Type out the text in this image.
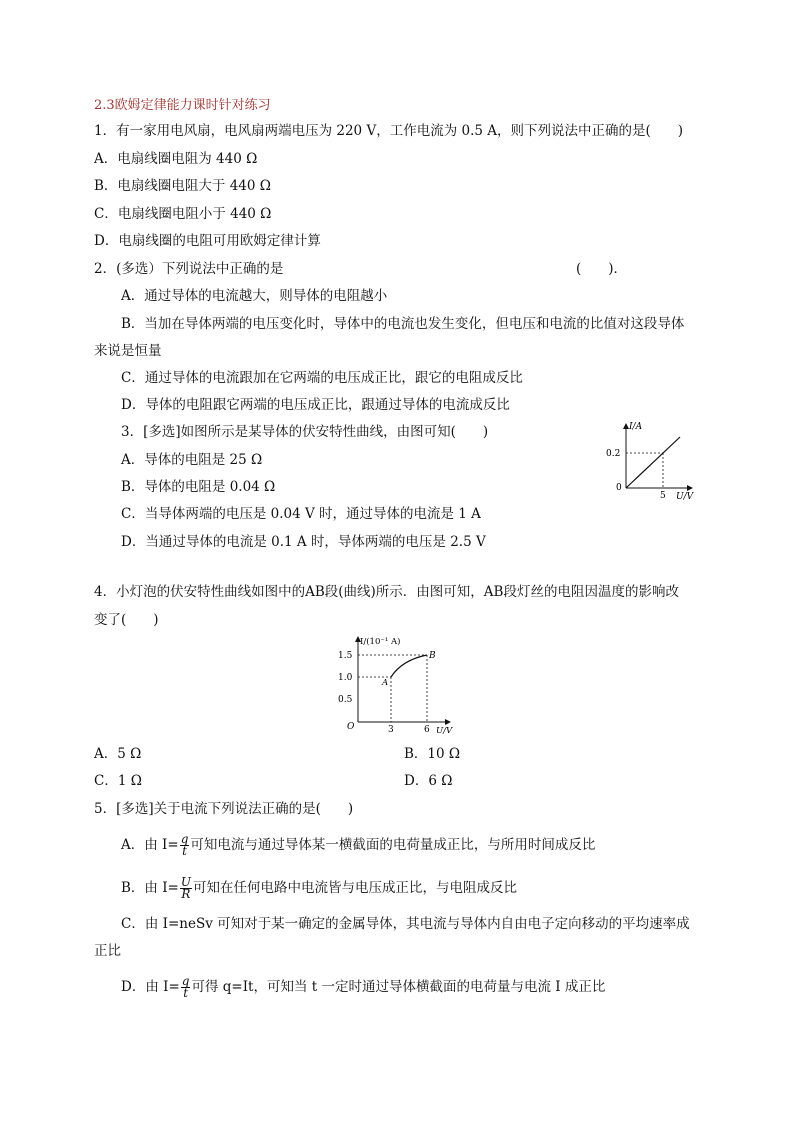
2.3欧姆定律能力课时针对练习
1．有一家用电风扇，电风扇两端电压为 220 V，工作电流为 0.5 A，则下列说法中正确的是(　　)
A．电扇线圈电阻为 440 Ω
B．电扇线圈电阻大于 440 Ω
C．电扇线圈电阻小于 440 Ω
D．电扇线圈的电阻可用欧姆定律计算
2．(多选）下列说法中正确的是	(　　)．
A．通过导体的电流越大，则导体的电阻越小
B．当加在导体两端的电压变化时，导体中的电流也发生变化，但电压和电流的比值对这段导体
来说是恒量
C．通过导体的电流跟加在它两端的电压成正比，跟它的电阻成反比
D．导体的电阻跟它两端的电压成正比，跟通过导体的电流成反比
3．[多选]如图所示是某导体的伏安特性曲线，由图可知(　　)
A．导体的电阻是 25 Ω
B．导体的电阻是 0.04 Ω
C．当导体两端的电压是 0.04 V 时，通过导体的电流是 1 A
D．当通过导体的电流是 0.1 A 时，导体两端的电压是 2.5 V
I/A
U/V
0.2
5
0
4．小灯泡的伏安特性曲线如图中的AB段(曲线)所示．由图可知，AB段灯丝的电阻因温度的影响改
变了(　　)
I/(10⁻¹ A)
U/V
1.5
1.0
0.5
3	6
O
A
B
A．5 Ω	B．10 Ω
C．1 Ω	D．6 Ω
5．[多选]关于电流下列说法正确的是(　　)
A．由 $I= \frac{q}{t}$ 可知电流与通过导体某一横截面的电荷量成正比，与所用时间成反比
B．由 $I= \frac{U}{R}$ 可知在任何电路中电流皆与电压成正比，与电阻成反比
C．由 I=neSv 可知对于某一确定的金属导体，其电流与导体内自由电子定向移动的平均速率成
正比
D．由 $I= \frac{q}{t}$ 可得 q=It，可知当 t 一定时通过导体横截面的电荷量与电流 I 成正比
